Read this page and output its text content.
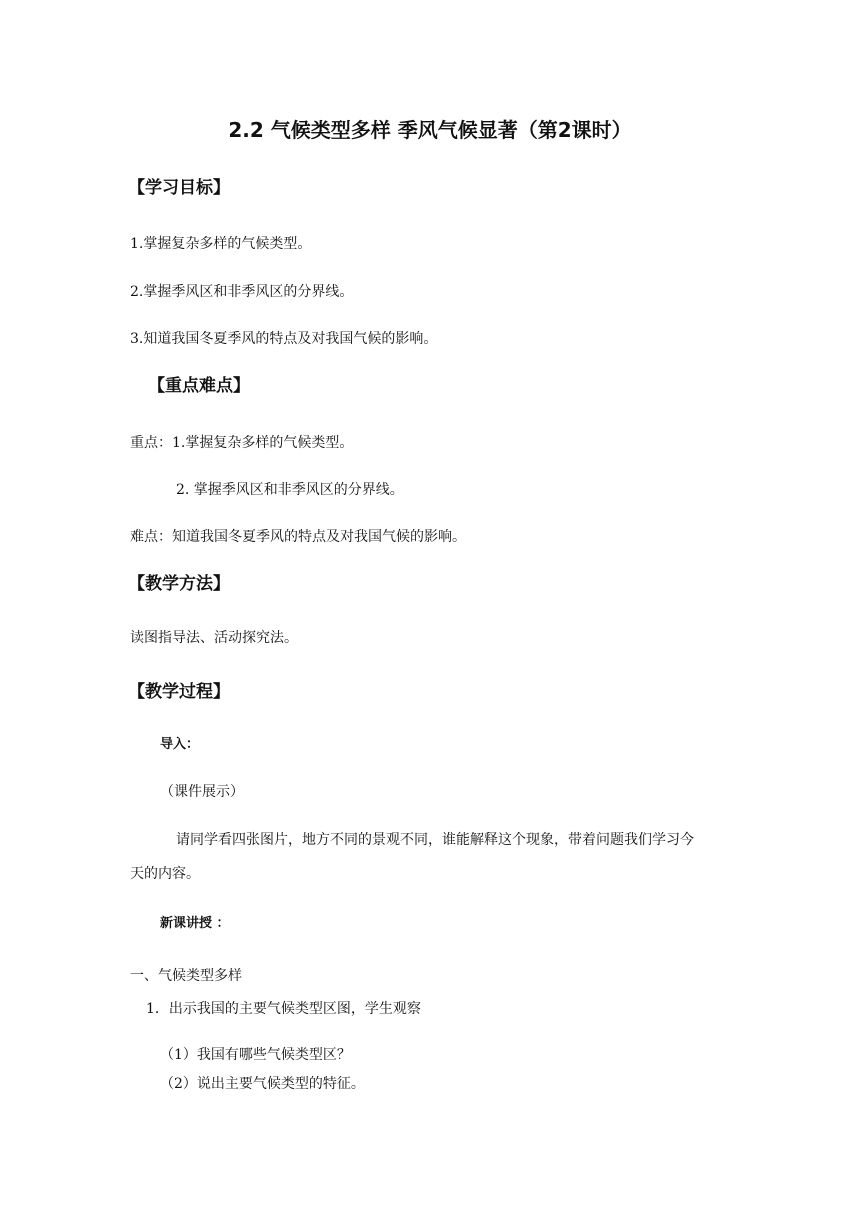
2.2 气候类型多样 季风气候显著（第2课时）
【学习目标】
1.掌握复杂多样的气候类型。
2.掌握季风区和非季风区的分界线。
3.知道我国冬夏季风的特点及对我国气候的影响。
【重点难点】
重点：1.掌握复杂多样的气候类型。
2. 掌握季风区和非季风区的分界线。
难点：知道我国冬夏季风的特点及对我国气候的影响。
【教学方法】
读图指导法、活动探究法。
【教学过程】
导入：
（课件展示）
请同学看四张图片，地方不同的景观不同，谁能解释这个现象，带着问题我们学习今
天的内容。
新课讲授 ：
一、气候类型多样
1．出示我国的主要气候类型区图，学生观察
（1）我国有哪些气候类型区？
（2）说出主要气候类型的特征。
